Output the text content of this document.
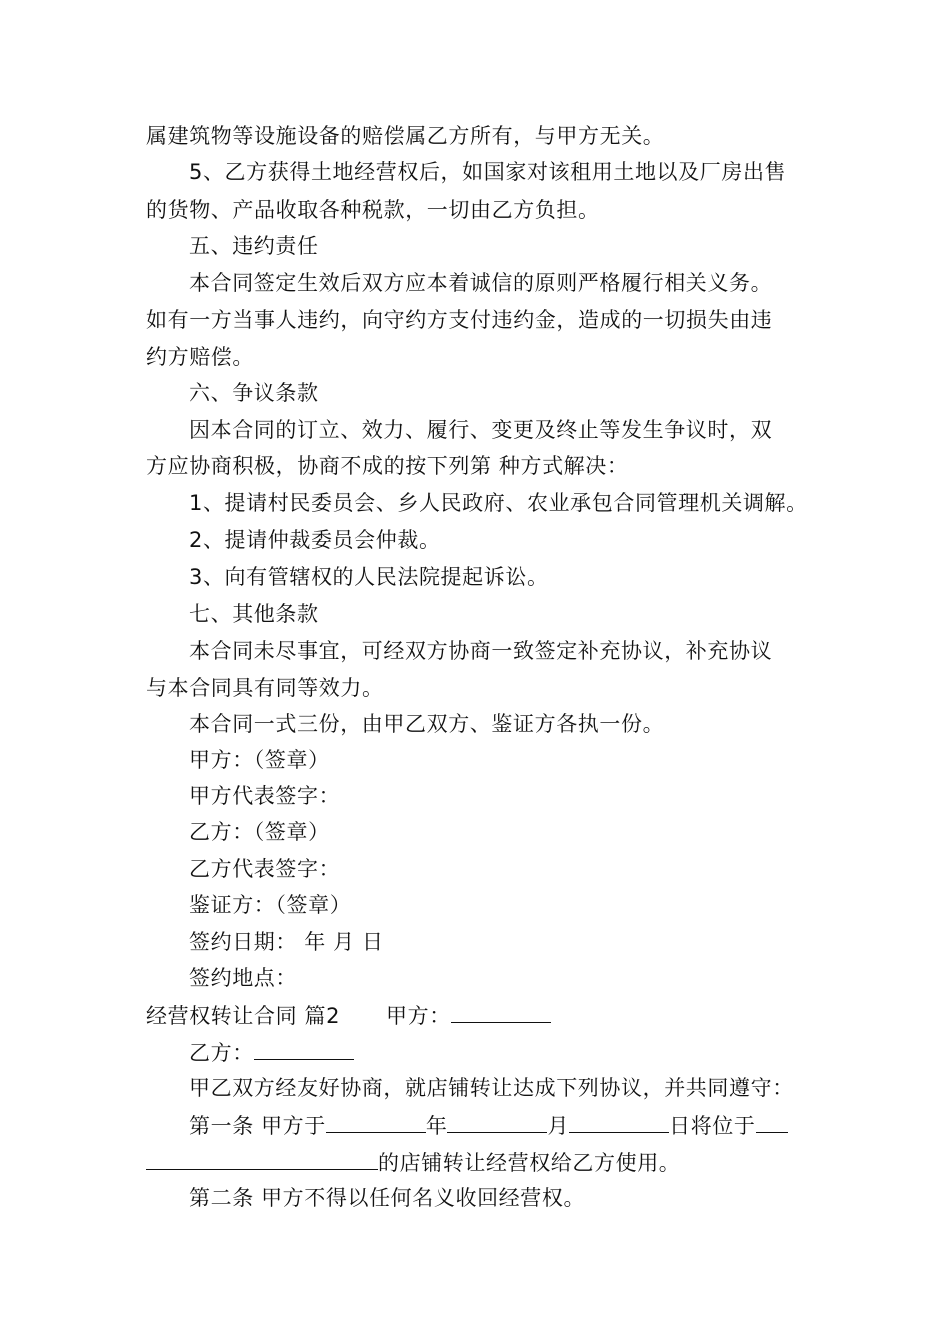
属建筑物等设施设备的赔偿属乙方所有，与甲方无关。
5、乙方获得土地经营权后，如国家对该租用土地以及厂房出售
的货物、产品收取各种税款，一切由乙方负担。
五、违约责任
本合同签定生效后双方应本着诚信的原则严格履行相关义务。
如有一方当事人违约，向守约方支付违约金，造成的一切损失由违
约方赔偿。
六、争议条款
因本合同的订立、效力、履行、变更及终止等发生争议时，双
方应协商积极，协商不成的按下列第 种方式解决：
1、提请村民委员会、乡人民政府、农业承包合同管理机关调解。
2、提请仲裁委员会仲裁。
3、向有管辖权的人民法院提起诉讼。
七、其他条款
本合同未尽事宜，可经双方协商一致签定补充协议，补充协议
与本合同具有同等效力。
本合同一式三份，由甲乙双方、鉴证方各执一份。
甲方：（签章）
甲方代表签字：
乙方：（签章）
乙方代表签字：
鉴证方：（签章）
签约日期： 年 月 日
签约地点：
经营权转让合同 篇2 甲方：
乙方：
甲乙双方经友好协商，就店铺转让达成下列协议，并共同遵守：
第一条 甲方于	年	月	日将位于
的店铺转让经营权给乙方使用。
第二条 甲方不得以任何名义收回经营权。
